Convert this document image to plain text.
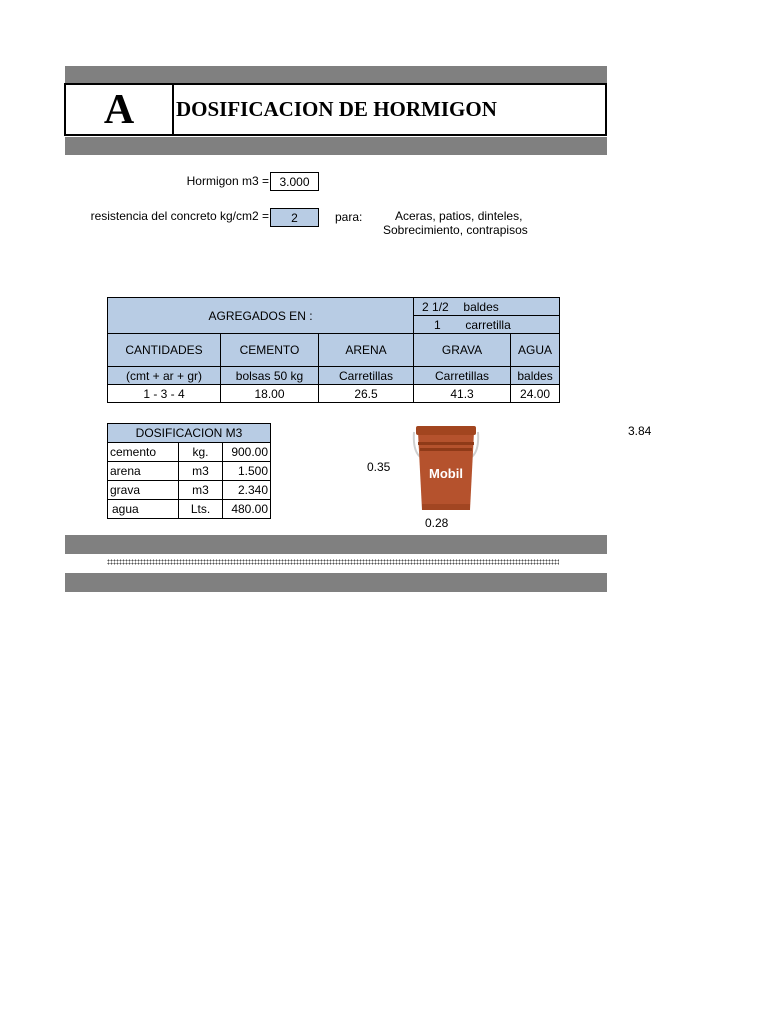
A	DOSIFICACION DE HORMIGON
Hormigon m3 = 3.000
resistencia del concreto kg/cm2 =	2	para:	Aceras, patios, dinteles,
Sobrecimiento, contrapisos
AGREGADOS EN :			2 1/2 baldes	
			1 carretilla	
CANTIDADES	CEMENTO	ARENA	GRAVA	AGUA
(cmt + ar + gr)	bolsas 50 kg	Carretillas	Carretillas	baldes
1 - 3 - 4	18.00	26.5	41.3	24.00
DOSIFICACION M3		
cemento	kg.	900.00
arena	m3	1.500
grava	m3	2.340
agua	Lts.	480.00
0.35	Mobil
0.28
3.84
